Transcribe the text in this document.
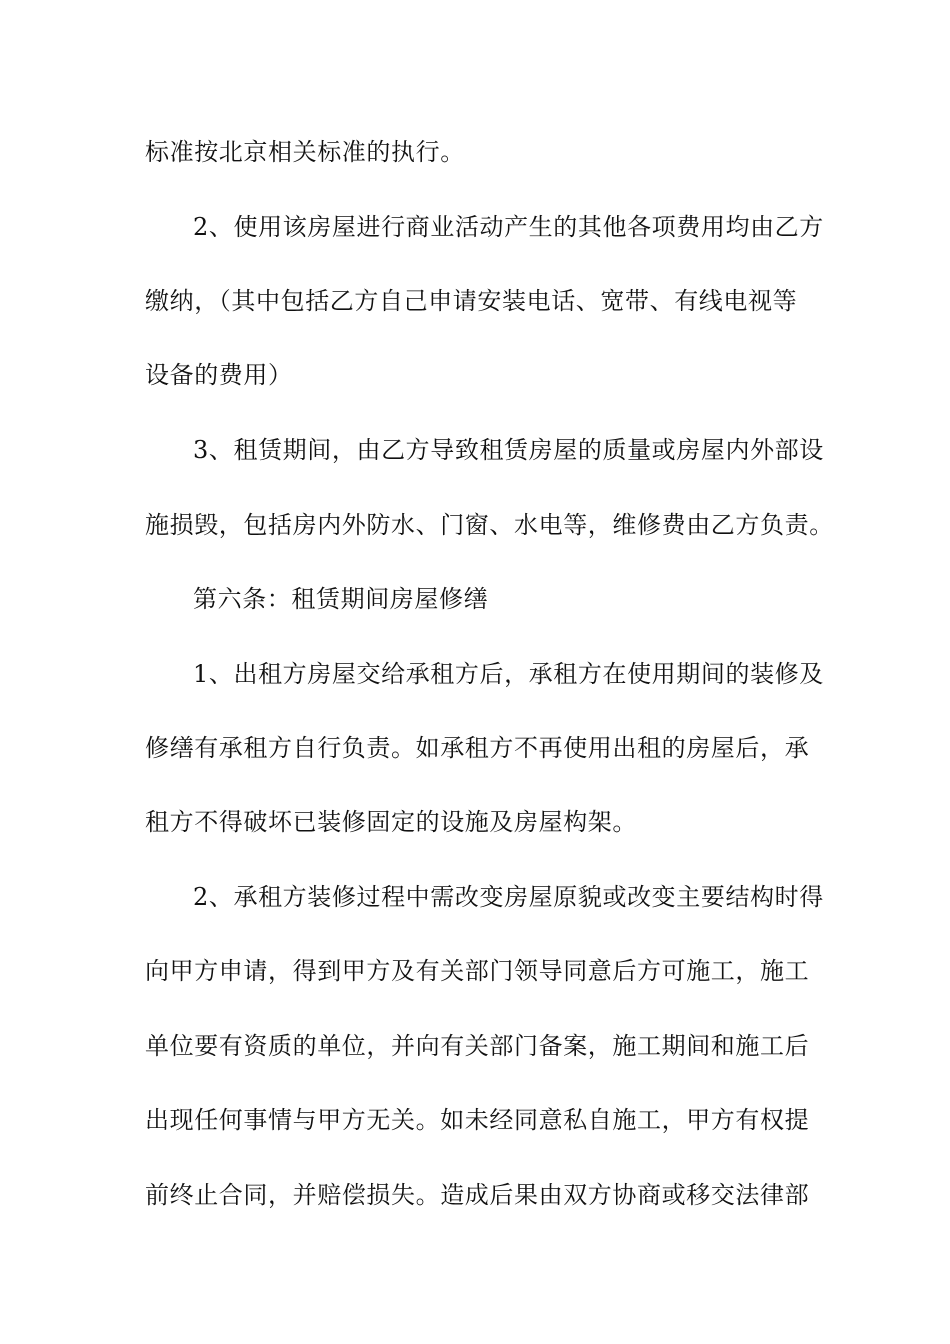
标准按北京相关标准的执行。
2、使用该房屋进行商业活动产生的其他各项费用均由乙方
缴纳，（其中包括乙方自己申请安装电话、宽带、有线电视等
设备的费用）
3、租赁期间，由乙方导致租赁房屋的质量或房屋内外部设
施损毁，包括房内外防水、门窗、水电等，维修费由乙方负责。
第六条：租赁期间房屋修缮
1、出租方房屋交给承租方后，承租方在使用期间的装修及
修缮有承租方自行负责。如承租方不再使用出租的房屋后，承
租方不得破坏已装修固定的设施及房屋构架。
2、承租方装修过程中需改变房屋原貌或改变主要结构时得
向甲方申请，得到甲方及有关部门领导同意后方可施工，施工
单位要有资质的单位，并向有关部门备案，施工期间和施工后
出现任何事情与甲方无关。如未经同意私自施工，甲方有权提
前终止合同，并赔偿损失。造成后果由双方协商或移交法律部
